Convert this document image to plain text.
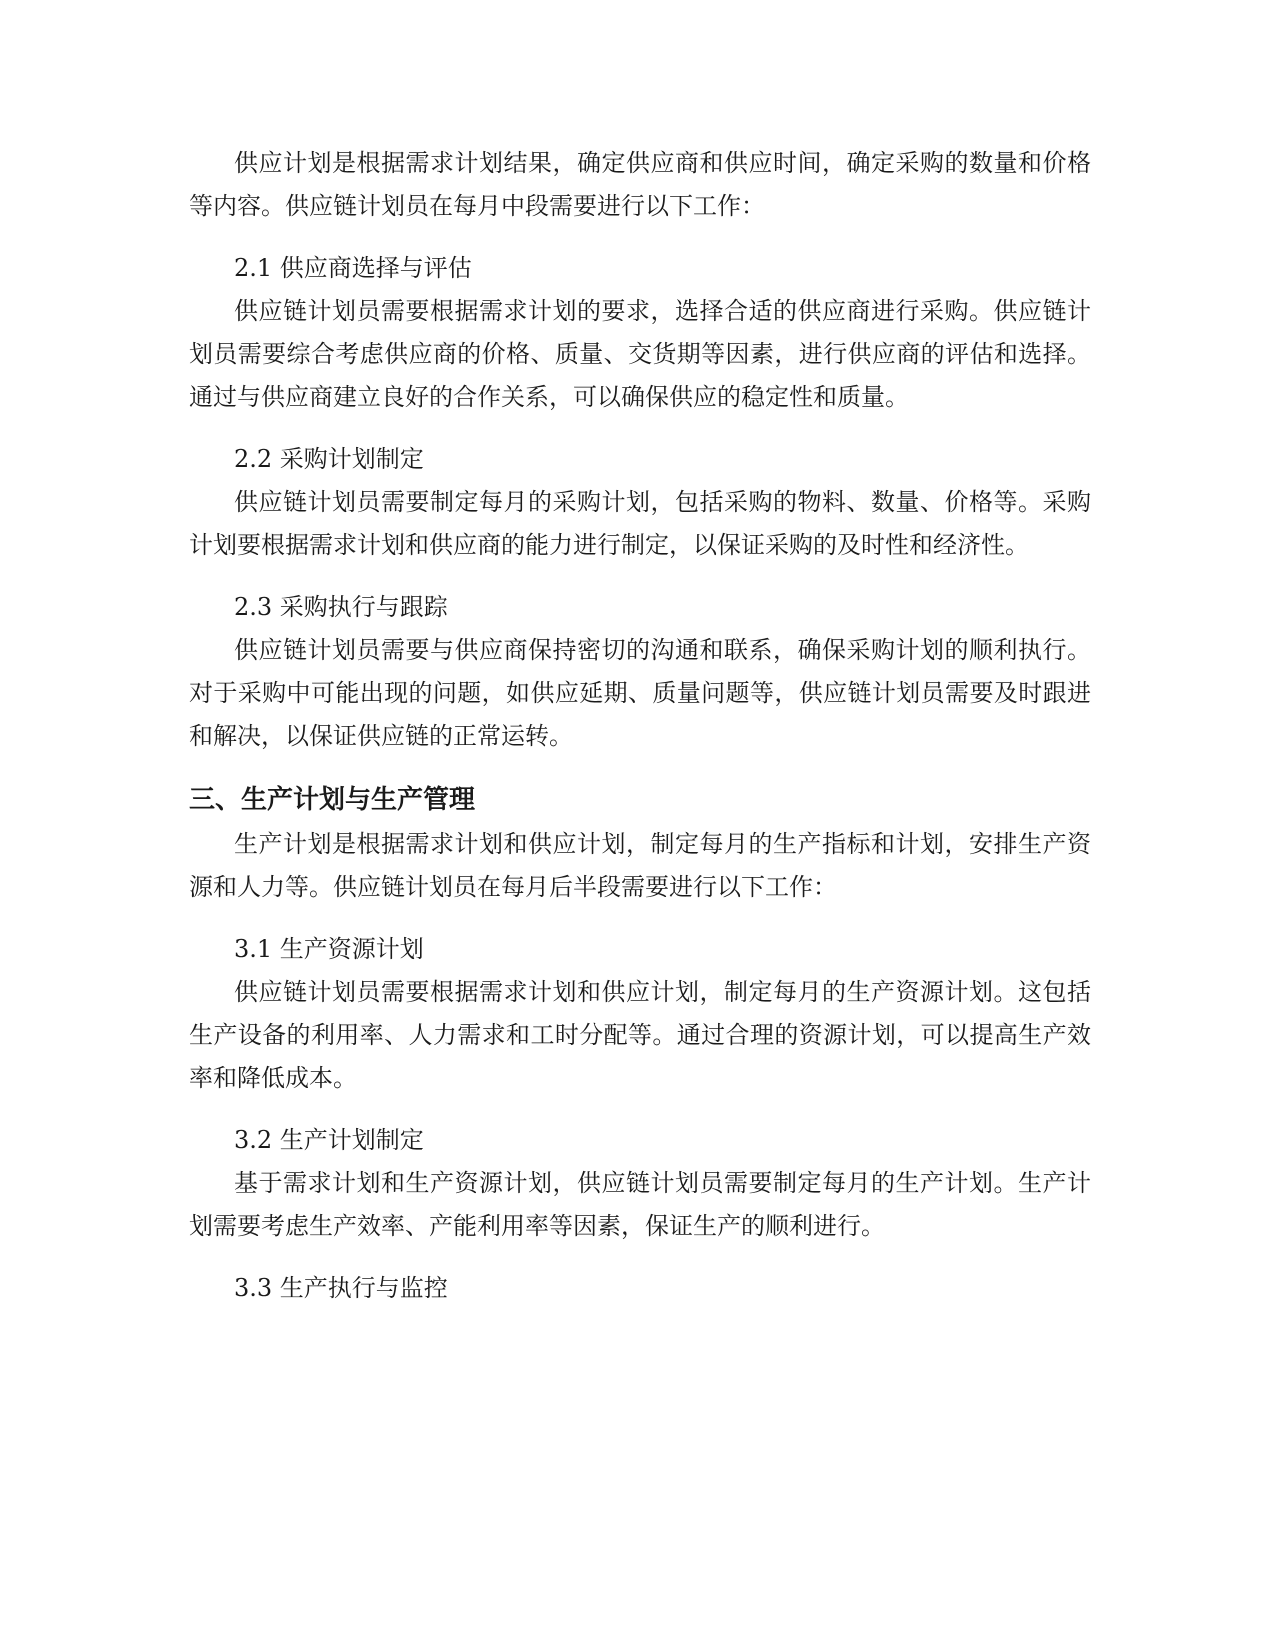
供应计划是根据需求计划结果，确定供应商和供应时间，确定采购的数量和价格等内容。供应链计划员在每月中段需要进行以下工作：

2.1 供应商选择与评估

供应链计划员需要根据需求计划的要求，选择合适的供应商进行采购。供应链计划员需要综合考虑供应商的价格、质量、交货期等因素，进行供应商的评估和选择。通过与供应商建立良好的合作关系，可以确保供应的稳定性和质量。

2.2 采购计划制定

供应链计划员需要制定每月的采购计划，包括采购的物料、数量、价格等。采购计划要根据需求计划和供应商的能力进行制定，以保证采购的及时性和经济性。

2.3 采购执行与跟踪

供应链计划员需要与供应商保持密切的沟通和联系，确保采购计划的顺利执行。对于采购中可能出现的问题，如供应延期、质量问题等，供应链计划员需要及时跟进和解决，以保证供应链的正常运转。

三、生产计划与生产管理

生产计划是根据需求计划和供应计划，制定每月的生产指标和计划，安排生产资源和人力等。供应链计划员在每月后半段需要进行以下工作：

3.1 生产资源计划

供应链计划员需要根据需求计划和供应计划，制定每月的生产资源计划。这包括生产设备的利用率、人力需求和工时分配等。通过合理的资源计划，可以提高生产效率和降低成本。

3.2 生产计划制定

基于需求计划和生产资源计划，供应链计划员需要制定每月的生产计划。生产计划需要考虑生产效率、产能利用率等因素，保证生产的顺利进行。

3.3 生产执行与监控
